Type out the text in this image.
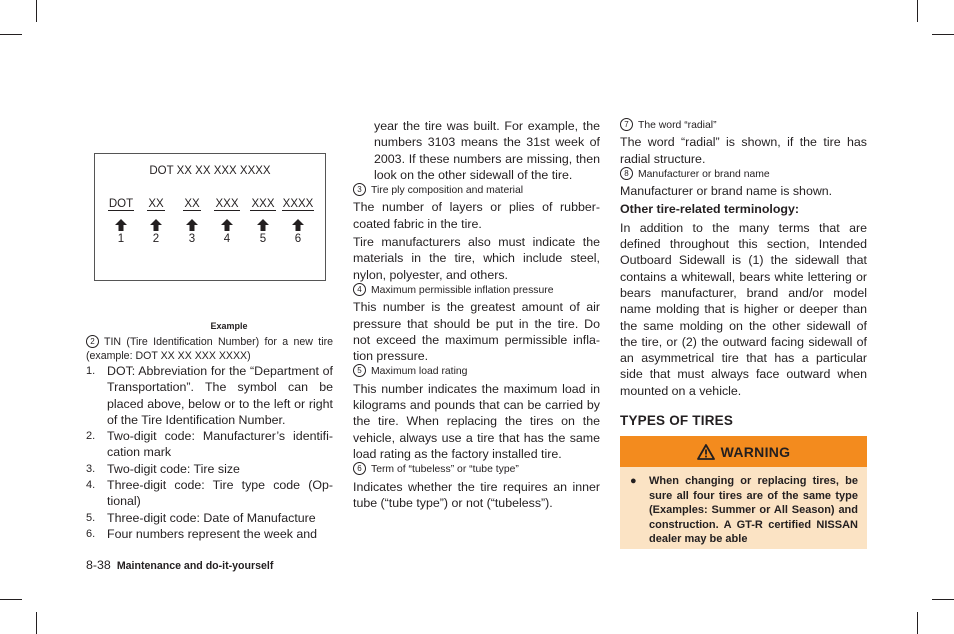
DOT XX XX XXX XXXX
DOT
1
XX
2
XX
3
XXX
4
XXX
5
XXXX
6
Example

2 TIN (Tire Identification Number) for a new tire (example: DOT XX XX XXX XXXX)

1. DOT: Abbreviation for the “Department of Transportation”. The symbol can be placed above, below or to the left or right of the Tire Identification Number.
2. Two-digit code: Manufacturer’s identifi-cation mark
3. Two-digit code: Tire size
4. Three-digit code: Tire type code (Op-tional)
5. Three-digit code: Date of Manufacture
6. Four numbers represent the week and

year the tire was built. For example, the numbers 3103 means the 31st week of 2003. If these numbers are missing, then look on the other sidewall of the tire.

3 Tire ply composition and material

The number of layers or plies of rubber-coated fabric in the tire.

Tire manufacturers also must indicate the materials in the tire, which include steel, nylon, polyester, and others.

4 Maximum permissible inflation pressure

This number is the greatest amount of air pressure that should be put in the tire. Do not exceed the maximum permissible infla-tion pressure.

5 Maximum load rating

This number indicates the maximum load in kilograms and pounds that can be carried by the tire. When replacing the tires on the vehicle, always use a tire that has the same load rating as the factory installed tire.

6 Term of “tubeless” or “tube type”

Indicates whether the tire requires an inner tube (“tube type”) or not (“tubeless”).

7 The word “radial”

The word “radial” is shown, if the tire has radial structure.

8 Manufacturer or brand name

Manufacturer or brand name is shown.

Other tire-related terminology:

In addition to the many terms that are defined throughout this section, Intended Outboard Sidewall is (1) the sidewall that contains a whitewall, bears white lettering or bears manufacturer, brand and/or model name molding that is higher or deeper than the same molding on the other sidewall of the tire, or (2) the outward facing sidewall of an asymmetrical tire that has a particular side that must always face outward when mounted on a vehicle.

TYPES OF TIRES

WARNING
● When changing or replacing tires, be sure all four tires are of the same type (Examples: Summer or All Season) and construction. A GT-R certified NISSAN dealer may be able
8-38 Maintenance and do-it-yourself
